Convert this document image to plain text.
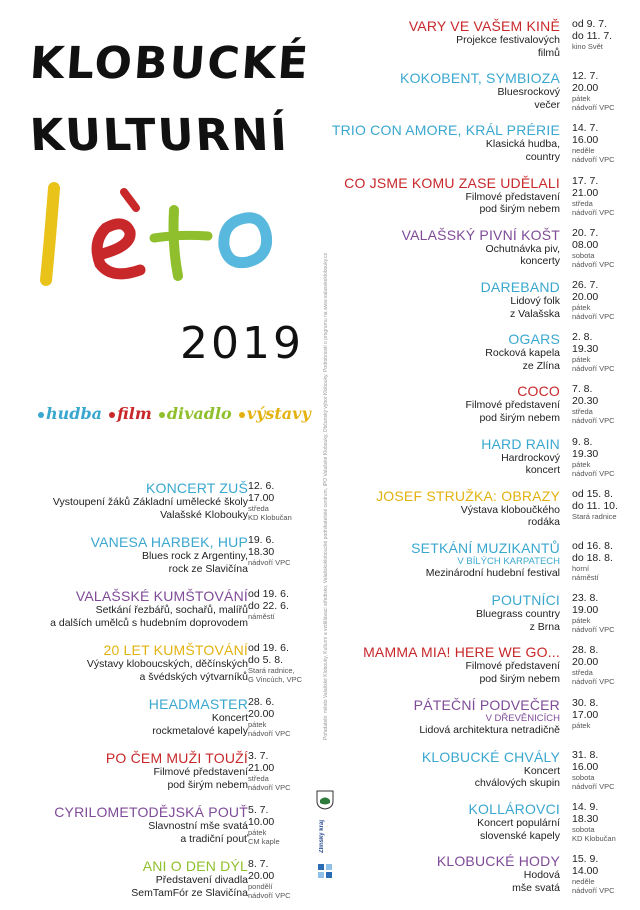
KLOBUCKÉ
KULTURNÍ
léto
2019
hudba film divadlo výstavy
KONCERT ZUŠ
Vystoupení žáků Základní umělecké školy
Valašské Klobouky
12. 6.
17.00
středa
KD Klobučan
VANESA HARBEK, HUP
Blues rock z Argentiny,
rock ze Slavičína
19. 6.
18.30
nádvoří VPC
VALAŠSKÉ KUMŠTOVÁNÍ
Setkání řezbářů, sochařů, malířů
a dalších umělců s hudebním doprovodem
od 19. 6.
do 22. 6.
náměstí
20 LET KUMŠTOVÁNÍ
Výstavy kloboucských, děčínských
a švédských výtvarníků
od 19. 6.
do 5. 8.
Stará radnice,
G Vincúch, VPC
HEADMASTER
Koncert
rockmetalové kapely
28. 6.
20.00
pátek
nádvoří VPC
PO ČEM MUŽI TOUŽÍ
Filmové představení
pod širým nebem
3. 7.
21.00
středa
nádvoří VPC
CYRILOMETODĚJSKÁ POUŤ
Slavnostní mše svatá
a tradiční pouť
5. 7.
10.00
pátek
CM kaple
ANI O DEN DÝL
Představení divadla
SemTamFór ze Slavičína
8. 7.
20.00
pondělí
nádvoří VPC
VARY VE VAŠEM KINĚ
Projekce festivalových
filmů
od 9. 7.
do 11. 7.
kino Svět
KOKOBENT, SYMBIOZA
Bluesrockový
večer
12. 7.
20.00
pátek
nádvoří VPC
TRIO CON AMORE, KRÁL PRÉRIE
Klasická hudba,
country
14. 7.
16.00
neděle
nádvoří VPC
CO JSME KOMU ZASE UDĚLALI
Filmové představení
pod širým nebem
17. 7.
21.00
středa
nádvoří VPC
VALAŠSKÝ PIVNÍ KOŠT
Ochutnávka piv,
koncerty
20. 7.
08.00
sobota
nádvoří VPC
DAREBAND
Lidový folk
z Valašska
26. 7.
20.00
pátek
nádvoří VPC
OGARS
Rocková kapela
ze Zlína
2. 8.
19.30
pátek
nádvoří VPC
COCO
Filmové představení
pod širým nebem
7. 8.
20.30
středa
nádvoří VPC
HARD RAIN
Hardrockový
koncert
9. 8.
19.30
pátek
nádvoří VPC
JOSEF STRUŽKA: OBRAZY
Výstava kloboučkého
rodáka
od 15. 8.
do 11. 10.
Stará radnice
SETKÁNÍ MUZIKANTŮ
V BÍLÝCH KARPATECH
Mezinárodní hudební festival
od 16. 8.
do 18. 8.
horní
náměstí
POUTNÍCI
Bluegrass country
z Brna
23. 8.
19.00
pátek
nádvoří VPC
MAMMA MIA! HERE WE GO...
Filmové představení
pod širým nebem
28. 8.
20.00
středa
nádvoří VPC
PÁTEČNÍ PODVEČER
V DŘEVĚNICÍCH
Lidová architektura netradičně
30. 8.
17.00
pátek
KLOBUCKÉ CHVÁLY
Koncert
chválových skupin
31. 8.
16.00
sobota
nádvoří VPC
KOLLÁROVCI
Koncert populární
slovenské kapely
14. 9.
18.30
sobota
KD Klobučan
KLOBUCKÉ HODY
Hodová
mše svatá
15. 9.
14.00
neděle
nádvoří VPC
Pořadatelé: město Valašské Klobouky, Kulturní a vzdělávací středisko, Valašskokloboucké podnikatelské centrum, IPO Valašské Klobouky, Občanský výbor Klobouky. Podrobnosti o programu na www.valasskeklobouky.cz
Zlínský kraj
